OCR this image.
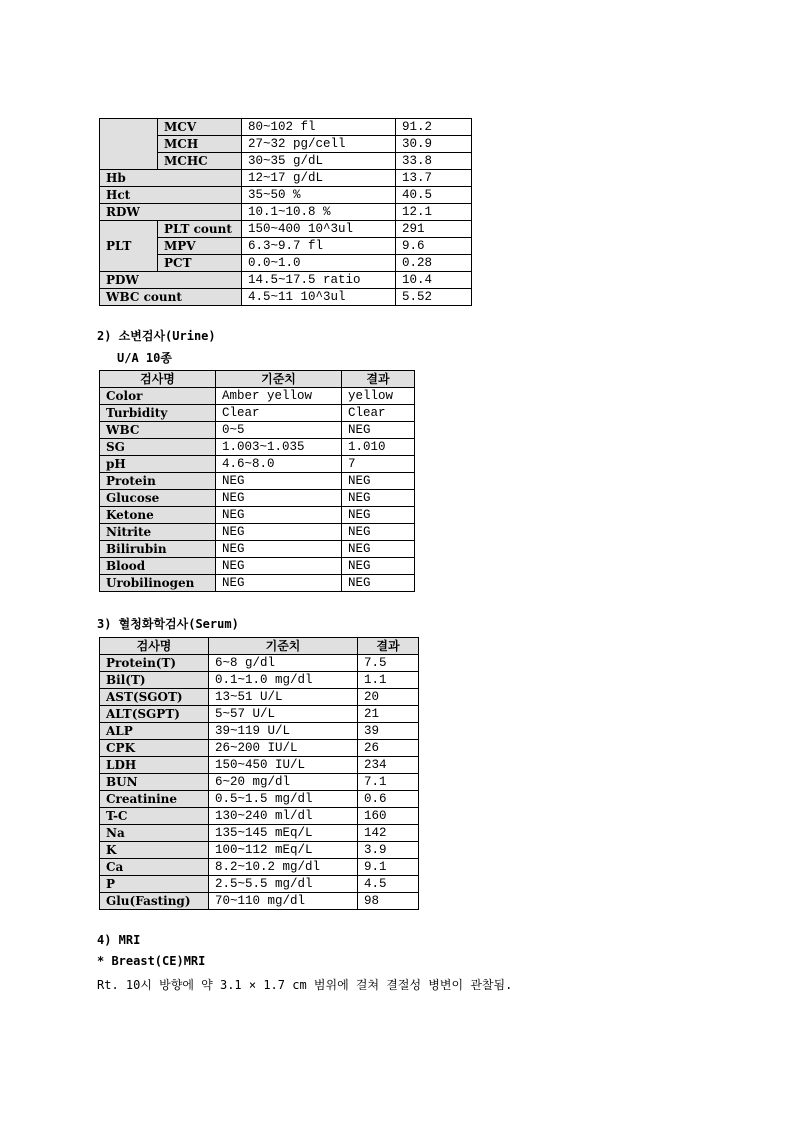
	MCV	80~102 fl	91.2
	MCH	27~32 pg/cell	30.9
	MCHC	30~35 g/dL	33.8
Hb		12~17 g/dL	13.7
Hct		35~50 %	40.5
RDW		10.1~10.8 %	12.1
PLT	PLT count	150~400 10^3ul	291
	MPV	6.3~9.7 fl	9.6
	PCT	0.0~1.0	0.28
PDW		14.5~17.5 ratio	10.4
WBC count		4.5~11 10^3ul	5.52
2) 소변검사(Urine)
U/A 10종
검사명	기준치	결과
Color	Amber yellow	yellow
Turbidity	Clear	Clear
WBC	0~5	NEG
SG	1.003~1.035	1.010
pH	4.6~8.0	7
Protein	NEG	NEG
Glucose	NEG	NEG
Ketone	NEG	NEG
Nitrite	NEG	NEG
Bilirubin	NEG	NEG
Blood	NEG	NEG
Urobilinogen	NEG	NEG
3) 혈청화학검사(Serum)
검사명	기준치	결과
Protein(T)	6~8 g/dl	7.5
Bil(T)	0.1~1.0 mg/dl	1.1
AST(SGOT)	13~51 U/L	20
ALT(SGPT)	5~57 U/L	21
ALP	39~119 U/L	39
CPK	26~200 IU/L	26
LDH	150~450 IU/L	234
BUN	6~20 mg/dl	7.1
Creatinine	0.5~1.5 mg/dl	0.6
T-C	130~240 ml/dl	160
Na	135~145 mEq/L	142
K	100~112 mEq/L	3.9
Ca	8.2~10.2 mg/dl	9.1
P	2.5~5.5 mg/dl	4.5
Glu(Fasting)	70~110 mg/dl	98
4) MRI
* Breast(CE)MRI
Rt. 10시 방향에 약 3.1 × 1.7 cm 범위에 걸쳐 결절성 병변이 관찰됨.
